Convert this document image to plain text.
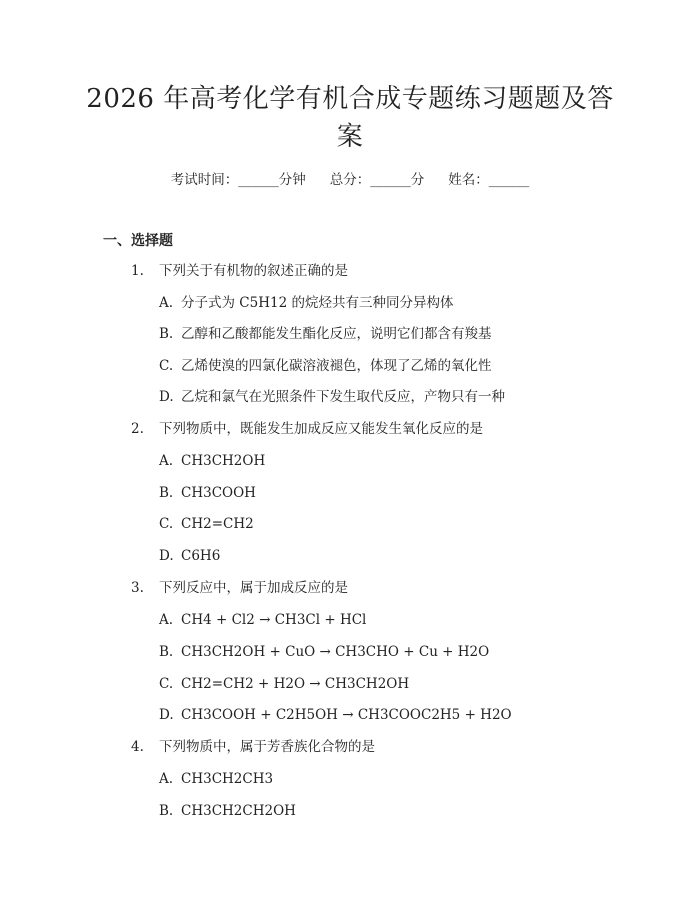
2026 年高考化学有机合成专题练习题题及答
案
考试时间：______分钟 总分：______分 姓名：______
一、选择题
1. 下列关于有机物的叙述正确的是
A. 分子式为 C5H12 的烷烃共有三种同分异构体
B. 乙醇和乙酸都能发生酯化反应，说明它们都含有羧基
C. 乙烯使溴的四氯化碳溶液褪色，体现了乙烯的氧化性
D. 乙烷和氯气在光照条件下发生取代反应，产物只有一种
2. 下列物质中，既能发生加成反应又能发生氧化反应的是
A. CH3CH2OH
B. CH3COOH
C. CH2=CH2
D. C6H6
3. 下列反应中，属于加成反应的是
A. CH4 + Cl2 → CH3Cl + HCl
B. CH3CH2OH + CuO → CH3CHO + Cu + H2O
C. CH2=CH2 + H2O → CH3CH2OH
D. CH3COOH + C2H5OH → CH3COOC2H5 + H2O
4. 下列物质中，属于芳香族化合物的是
A. CH3CH2CH3
B. CH3CH2CH2OH
